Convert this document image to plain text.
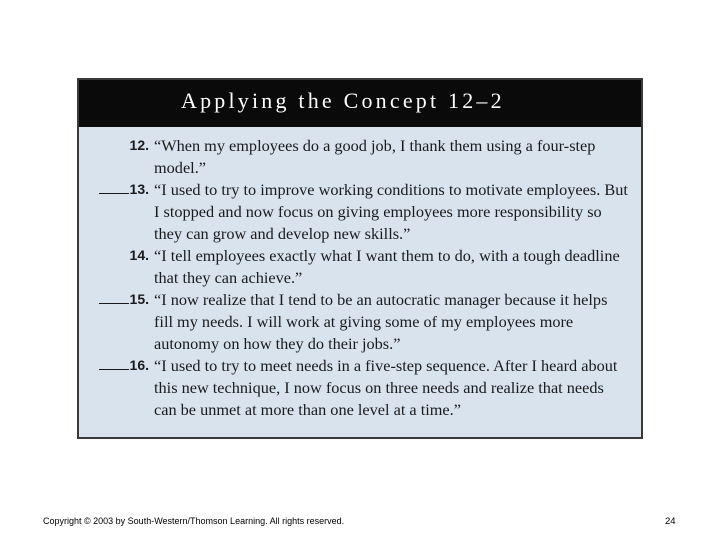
Applying the Concept 12–2
12. “When my employees do a good job, I thank them using a four-step model.”
13. “I used to try to improve working conditions to motivate employees. But I stopped and now focus on giving employees more responsibility so they can grow and develop new skills.”
14. “I tell employees exactly what I want them to do, with a tough deadline that they can achieve.”
15. “I now realize that I tend to be an autocratic manager because it helps fill my needs. I will work at giving some of my employees more autonomy on how they do their jobs.”
16. “I used to try to meet needs in a five-step sequence. After I heard about this new technique, I now focus on three needs and realize that needs can be unmet at more than one level at a time.”
Copyright © 2003 by South-Western/Thomson Learning. All rights reserved.	24
